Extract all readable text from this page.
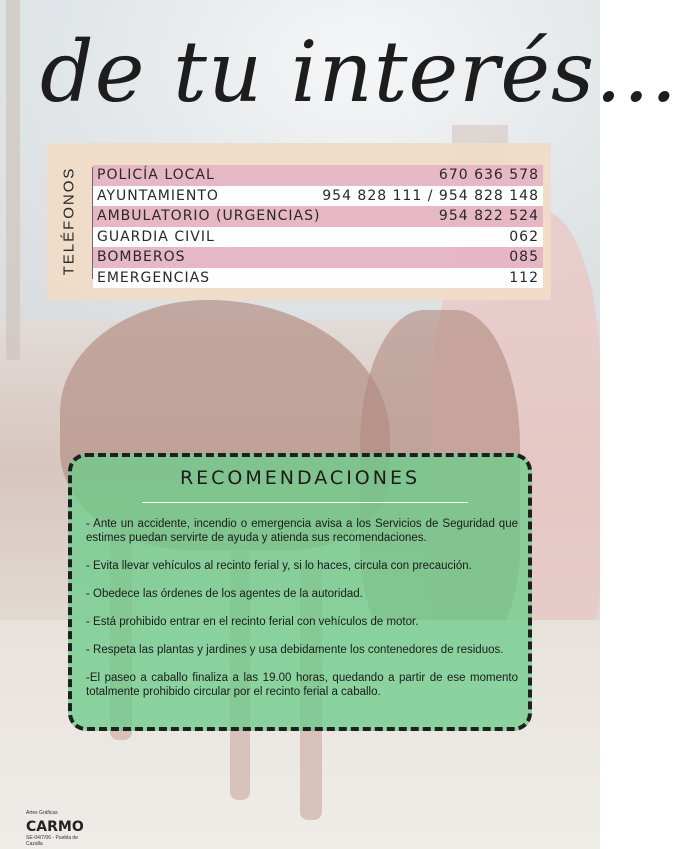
de tu interés...
TELÉFONOS POLICÍA LOCAL	670 636 578
AYUNTAMIENTO	954 828 111 / 954 828 148
AMBULATORIO (URGENCIAS)	954 822 524
GUARDIA CIVIL	062
BOMBEROS	085
EMERGENCIAS	112
RECOMENDACIONES
- Ante un accidente, incendio o emergencia avisa a los Servicios de Seguridad que estimes puedan servirte de ayuda y atienda sus recomendaciones.
- Evita llevar vehículos al recinto ferial y, si lo haces, circula con precaución.
- Obedece las órdenes de los agentes de la autoridad.
- Está prohibido entrar en el recinto ferial con vehículos de motor.
- Respeta las plantas y jardines y usa debidamente los contenedores de residuos.
-El paseo a caballo finaliza a las 19.00 horas, quedando a partir de ese momento totalmente prohibido circular por el recinto ferial a caballo.
Artes Gráficas
CARMO
SE-04/7/06 - Puebla de Cazalla
